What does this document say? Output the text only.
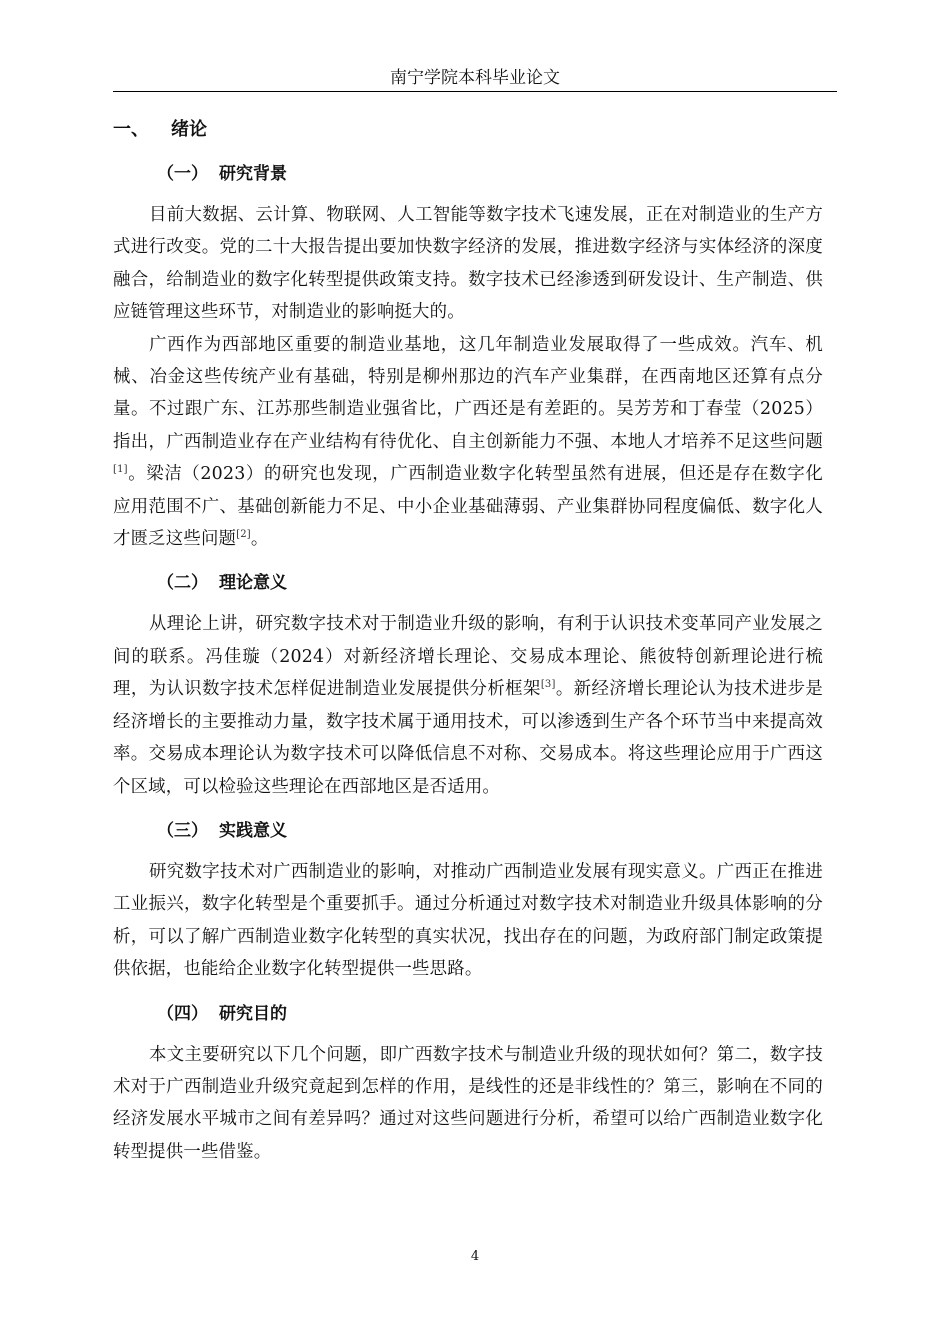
南宁学院本科毕业论文
一、 绪论
（一） 研究背景

目前大数据、云计算、物联网、人工智能等数字技术飞速发展，正在对制造业的生产方式进行改变。党的二十大报告提出要加快数字经济的发展，推进数字经济与实体经济的深度融合，给制造业的数字化转型提供政策支持。数字技术已经渗透到研发设计、生产制造、供应链管理这些环节，对制造业的影响挺大的。

广西作为西部地区重要的制造业基地，这几年制造业发展取得了一些成效。汽车、机械、冶金这些传统产业有基础，特别是柳州那边的汽车产业集群，在西南地区还算有点分量。不过跟广东、江苏那些制造业强省比，广西还是有差距的。吴芳芳和丁春莹（2025）指出，广西制造业存在产业结构有待优化、自主创新能力不强、本地人才培养不足这些问题[1]。梁洁（2023）的研究也发现，广西制造业数字化转型虽然有进展，但还是存在数字化应用范围不广、基础创新能力不足、中小企业基础薄弱、产业集群协同程度偏低、数字化人才匮乏这些问题[2]。

（二） 理论意义

从理论上讲，研究数字技术对于制造业升级的影响，有利于认识技术变革同产业发展之间的联系。冯佳璇（2024）对新经济增长理论、交易成本理论、熊彼特创新理论进行梳理，为认识数字技术怎样促进制造业发展提供分析框架[3]。新经济增长理论认为技术进步是经济增长的主要推动力量，数字技术属于通用技术，可以渗透到生产各个环节当中来提高效率。交易成本理论认为数字技术可以降低信息不对称、交易成本。将这些理论应用于广西这个区域，可以检验这些理论在西部地区是否适用。

（三） 实践意义

研究数字技术对广西制造业的影响，对推动广西制造业发展有现实意义。广西正在推进工业振兴，数字化转型是个重要抓手。通过分析通过对数字技术对制造业升级具体影响的分析，可以了解广西制造业数字化转型的真实状况，找出存在的问题，为政府部门制定政策提供依据，也能给企业数字化转型提供一些思路。

（四） 研究目的

本文主要研究以下几个问题，即广西数字技术与制造业升级的现状如何？第二，数字技术对于广西制造业升级究竟起到怎样的作用，是线性的还是非线性的？第三，影响在不同的经济发展水平城市之间有差异吗？通过对这些问题进行分析，希望可以给广西制造业数字化转型提供一些借鉴。

4
